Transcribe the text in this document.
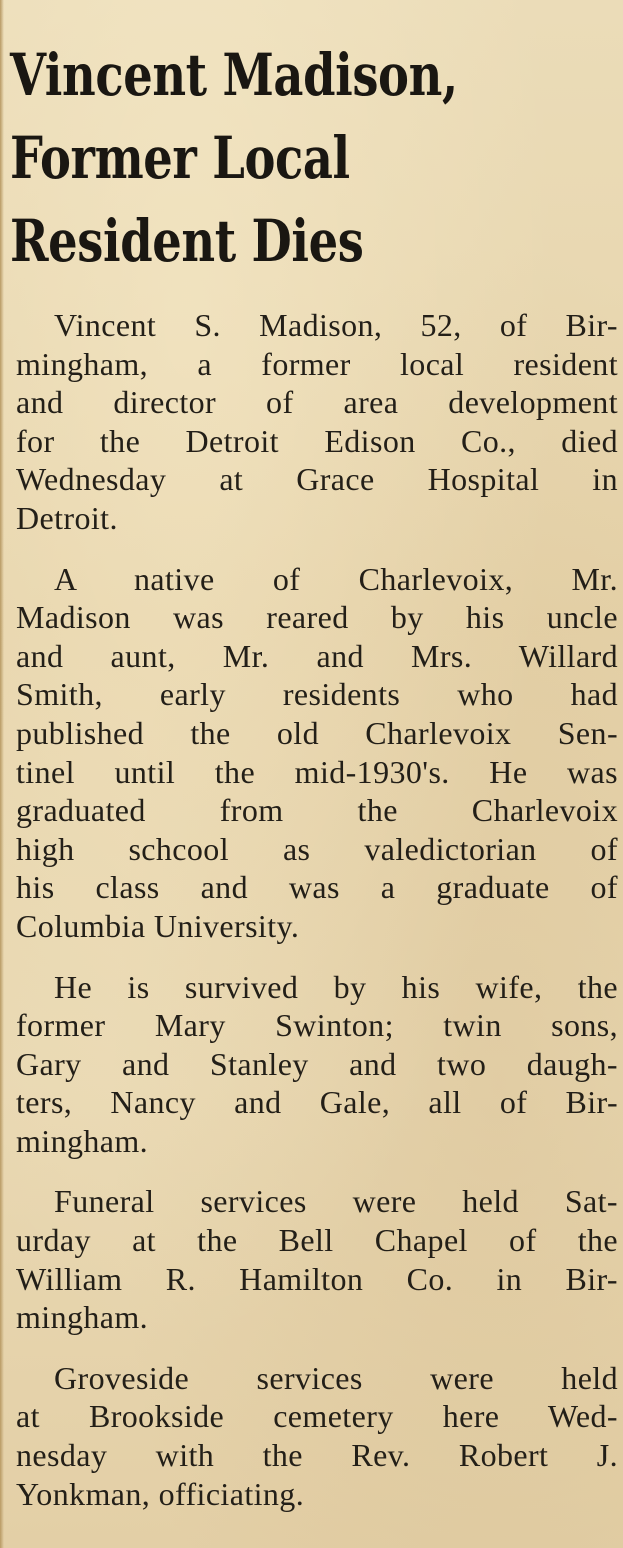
Vincent Madison,
Former Local
Resident Dies

Vincent S. Madison, 52, of Bir-
mingham, a former local resident
and director of area development
for the Detroit Edison Co., died
Wednesday at Grace Hospital in
Detroit.

A native of Charlevoix, Mr.
Madison was reared by his uncle
and aunt, Mr. and Mrs. Willard
Smith, early residents who had
published the old Charlevoix Sen-
tinel until the mid-1930's. He was
graduated from the Charlevoix
high schcool as valedictorian of
his class and was a graduate of
Columbia University.

He is survived by his wife, the
former Mary Swinton; twin sons,
Gary and Stanley and two daugh-
ters, Nancy and Gale, all of Bir-
mingham.

Funeral services were held Sat-
urday at the Bell Chapel of the
William R. Hamilton Co. in Bir-
mingham.

Groveside services were held
at Brookside cemetery here Wed-
nesday with the Rev. Robert J.
Yonkman, officiating.
